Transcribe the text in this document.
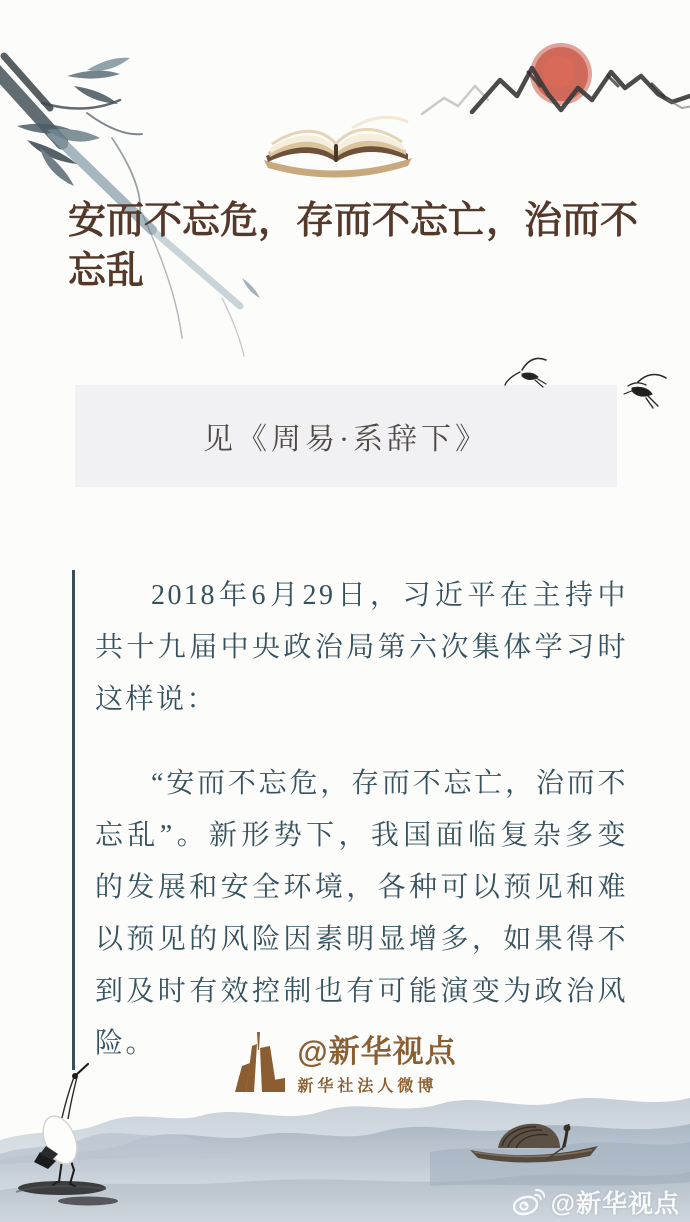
安而不忘危，存而不忘亡，治而不忘乱
见《周易·系辞下》

2018年6月29日，习近平在主持中共十九届中央政治局第六次集体学习时这样说：

“安而不忘危，存而不忘亡，治而不忘乱”。新形势下，我国面临复杂多变的发展和安全环境，各种可以预见和难以预见的风险因素明显增多，如果得不到及时有效控制也有可能演变为政治风险。	@新华视点
新华社法人微博
@新华视点
